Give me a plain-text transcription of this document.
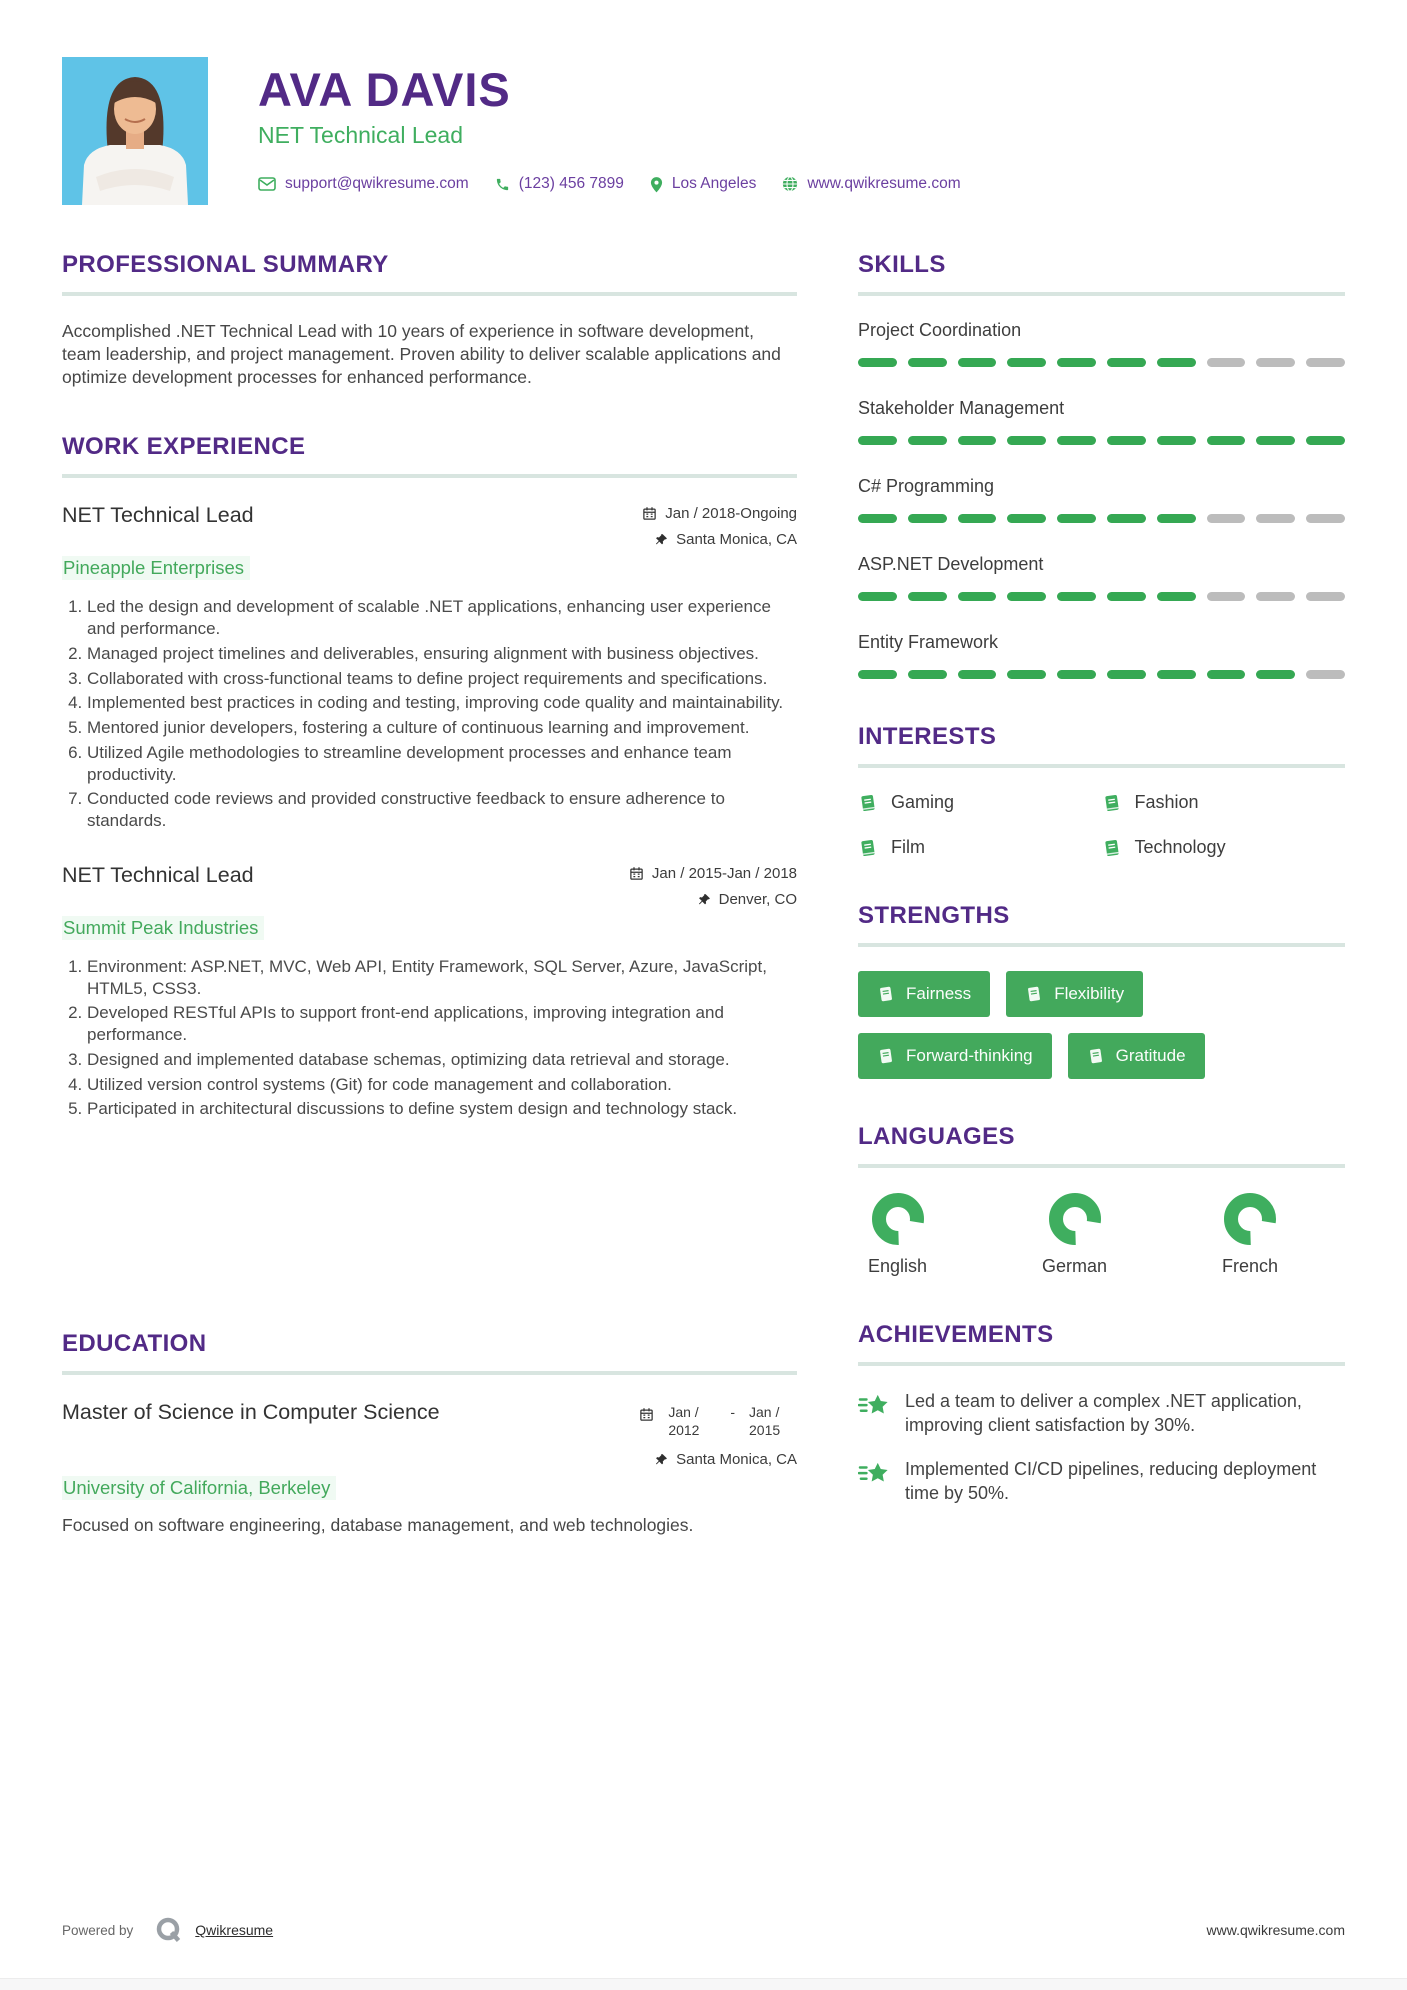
AVA DAVIS
NET Technical Lead
support@qwikresume.com	(123) 456 7899	Los Angeles	www.qwikresume.com
PROFESSIONAL SUMMARY

Accomplished .NET Technical Lead with 10 years of experience in software development, team leadership, and project management. Proven ability to deliver scalable applications and optimize development processes for enhanced performance.

WORK EXPERIENCE
NET Technical Lead	Jan / 2018-Ongoing
Santa Monica, CA
Pineapple Enterprises
1. Led the design and development of scalable .NET applications, enhancing user experience and performance.
2. Managed project timelines and deliverables, ensuring alignment with business objectives.
3. Collaborated with cross-functional teams to define project requirements and specifications.
4. Implemented best practices in coding and testing, improving code quality and maintainability.
5. Mentored junior developers, fostering a culture of continuous learning and improvement.
6. Utilized Agile methodologies to streamline development processes and enhance team productivity.
7. Conducted code reviews and provided constructive feedback to ensure adherence to standards.
NET Technical Lead	Jan / 2015-Jan / 2018
Denver, CO
Summit Peak Industries
1. Environment: ASP.NET, MVC, Web API, Entity Framework, SQL Server, Azure, JavaScript, HTML5, CSS3.
2. Developed RESTful APIs to support front-end applications, improving integration and performance.
3. Designed and implemented database schemas, optimizing data retrieval and storage.
4. Utilized version control systems (Git) for code management and collaboration.
5. Participated in architectural discussions to define system design and technology stack.
EDUCATION
Master of Science in Computer Science	Jan / 2012
- Jan / 2015
Santa Monica, CA
University of California, Berkeley

Focused on software engineering, database management, and web technologies.

SKILLS
Project Coordination
Stakeholder Management
C# Programming
ASP.NET Development
Entity Framework
INTERESTS
Gaming	Fashion
Film	Technology
STRENGTHS
Fairness	Flexibility
Forward-thinking	Gratitude
LANGUAGES
English	German	French
ACHIEVEMENTS
Led a team to deliver a complex .NET application, improving client satisfaction by 30%.
Implemented CI/CD pipelines, reducing deployment time by 50%.
Powered by	Qwikresume	www.qwikresume.com
